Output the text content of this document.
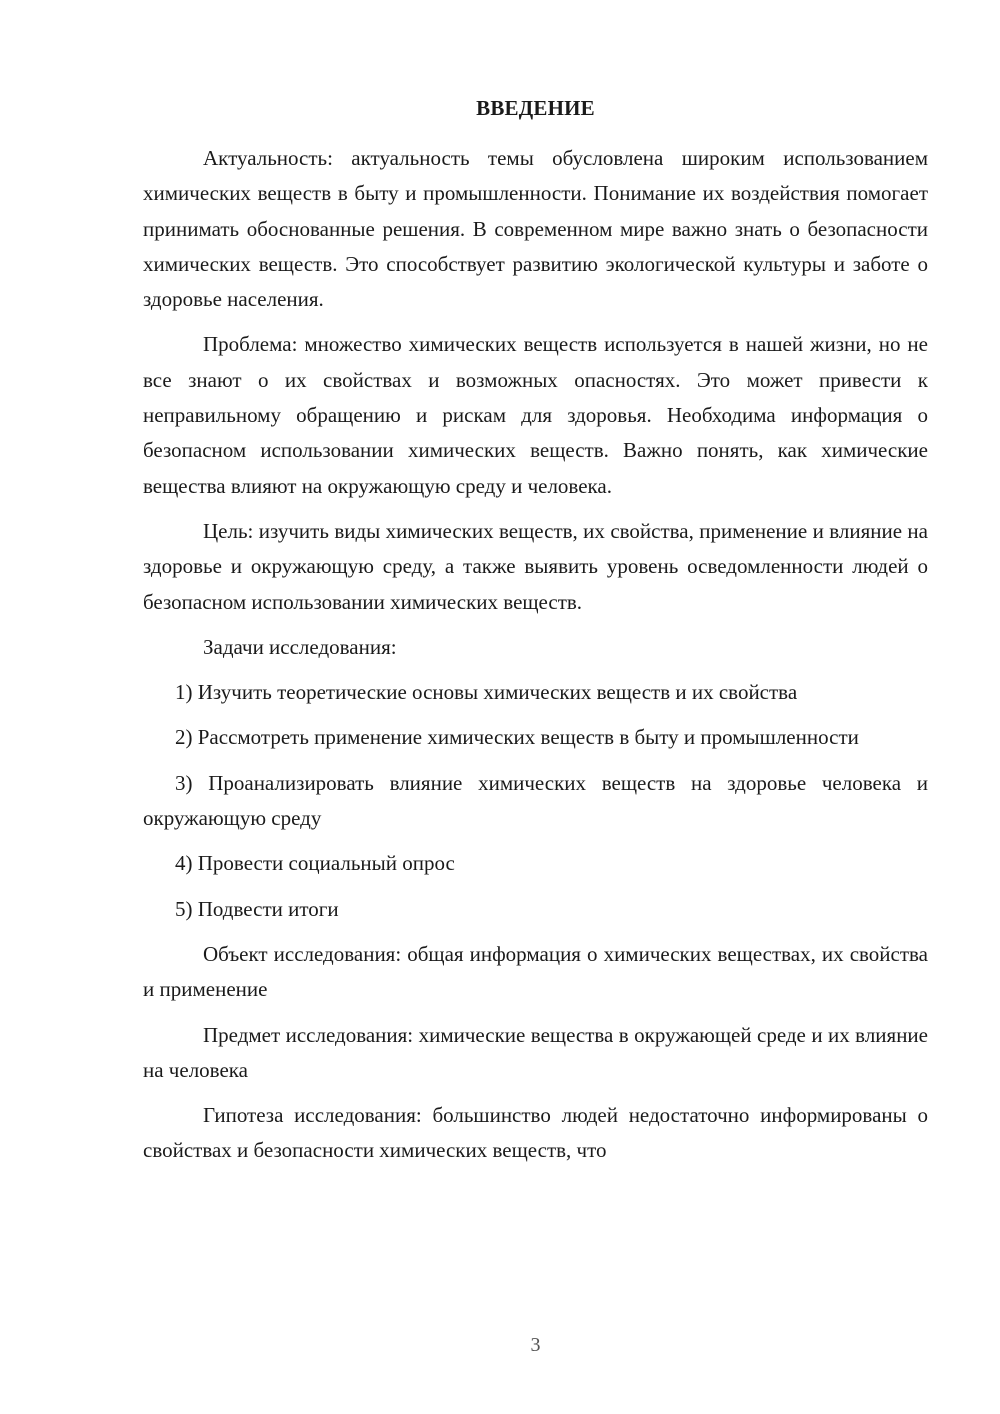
ВВЕДЕНИЕ

Актуальность: актуальность темы обусловлена широким использованием химических веществ в быту и промышленности. Понимание их воздействия помогает принимать обоснованные решения. В современном мире важно знать о безопасности химических веществ. Это способствует развитию экологической культуры и заботе о здоровье населения.

Проблема: множество химических веществ используется в нашей жизни, но не все знают о их свойствах и возможных опасностях. Это может привести к неправильному обращению и рискам для здоровья. Необходима информация о безопасном использовании химических веществ. Важно понять, как химические вещества влияют на окружающую среду и человека.

Цель: изучить виды химических веществ, их свойства, применение и влияние на здоровье и окружающую среду, а также выявить уровень осведомленности людей о безопасном использовании химических веществ.

Задачи исследования:

1) Изучить теоретические основы химических веществ и их свойства

2) Рассмотреть применение химических веществ в быту и промышленности

3) Проанализировать влияние химических веществ на здоровье человека и окружающую среду

4) Провести социальный опрос

5) Подвести итоги

Объект исследования: общая информация о химических веществах, их свойства и применение

Предмет исследования: химические вещества в окружающей среде и их влияние на человека

Гипотеза исследования: большинство людей недостаточно информированы о свойствах и безопасности химических веществ, что

3
